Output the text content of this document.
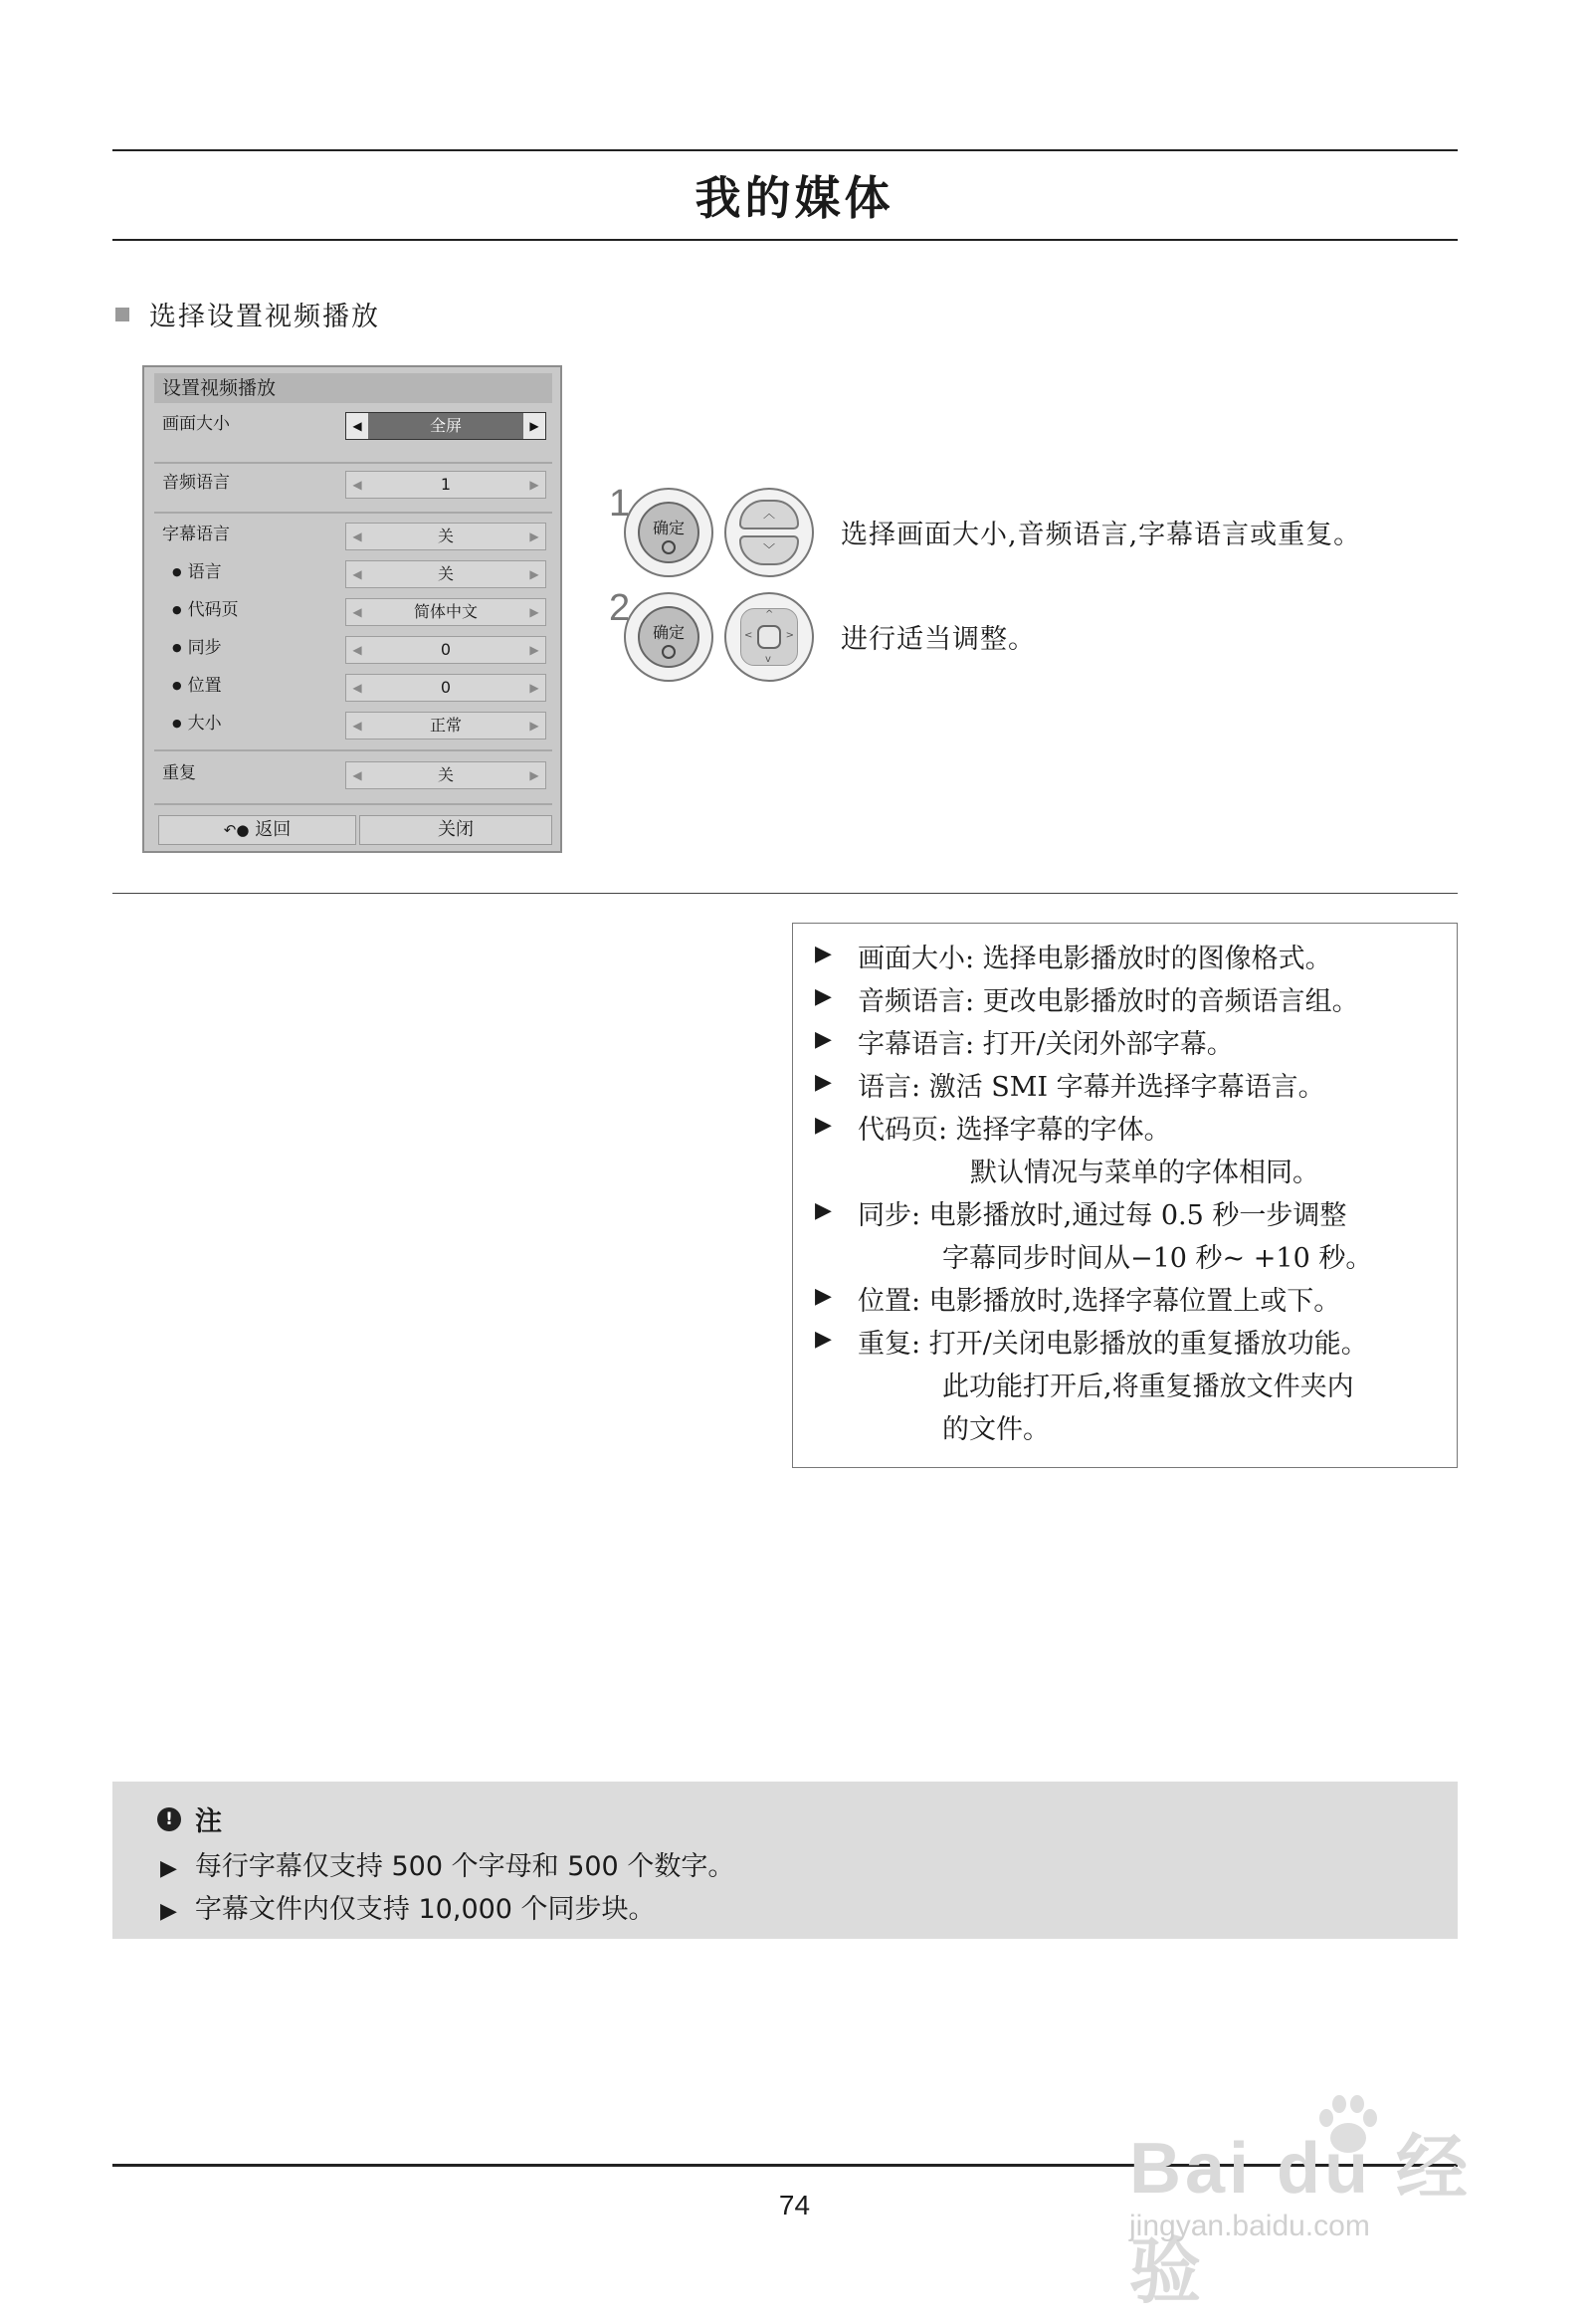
我的媒体
选择设置视频播放
设置视频播放
画面大小	◀	全屏	▶
音频语言	◀	1	▶
字幕语言	◀	关	▶
● 语言	◀	关	▶
● 代码页	◀	简体中文	▶
● 同步	◀	0	▶
● 位置	◀	0	▶
● 大小	◀	正常	▶
重复	◀	关	▶
↶● 返回	关闭
1
确定
︿
﹀	选择画面大小,音频语言,字幕语言或重复。
2
确定
^
v
<	> 进行适当调整。
▶ 画面大小: 选择电影播放时的图像格式。
▶ 音频语言: 更改电影播放时的音频语言组。
▶ 字幕语言: 打开/关闭外部字幕。
▶ 语言: 激活 SMI 字幕并选择字幕语言。
▶ 代码页: 选择字幕的字体。
默认情况与菜单的字体相同。
▶ 同步: 电影播放时,通过每 0.5 秒一步调整
字幕同步时间从−10 秒~ +10 秒。
▶ 位置: 电影播放时,选择字幕位置上或下。
▶ 重复: 打开/关闭电影播放的重复播放功能。
此功能打开后,将重复播放文件夹内
的文件。
! 注
▶ 每行字幕仅支持 500 个字母和 500 个数字。
▶ 字幕文件内仅支持 10,000 个同步块。
74	Bai du 经验
jingyan.baidu.com
